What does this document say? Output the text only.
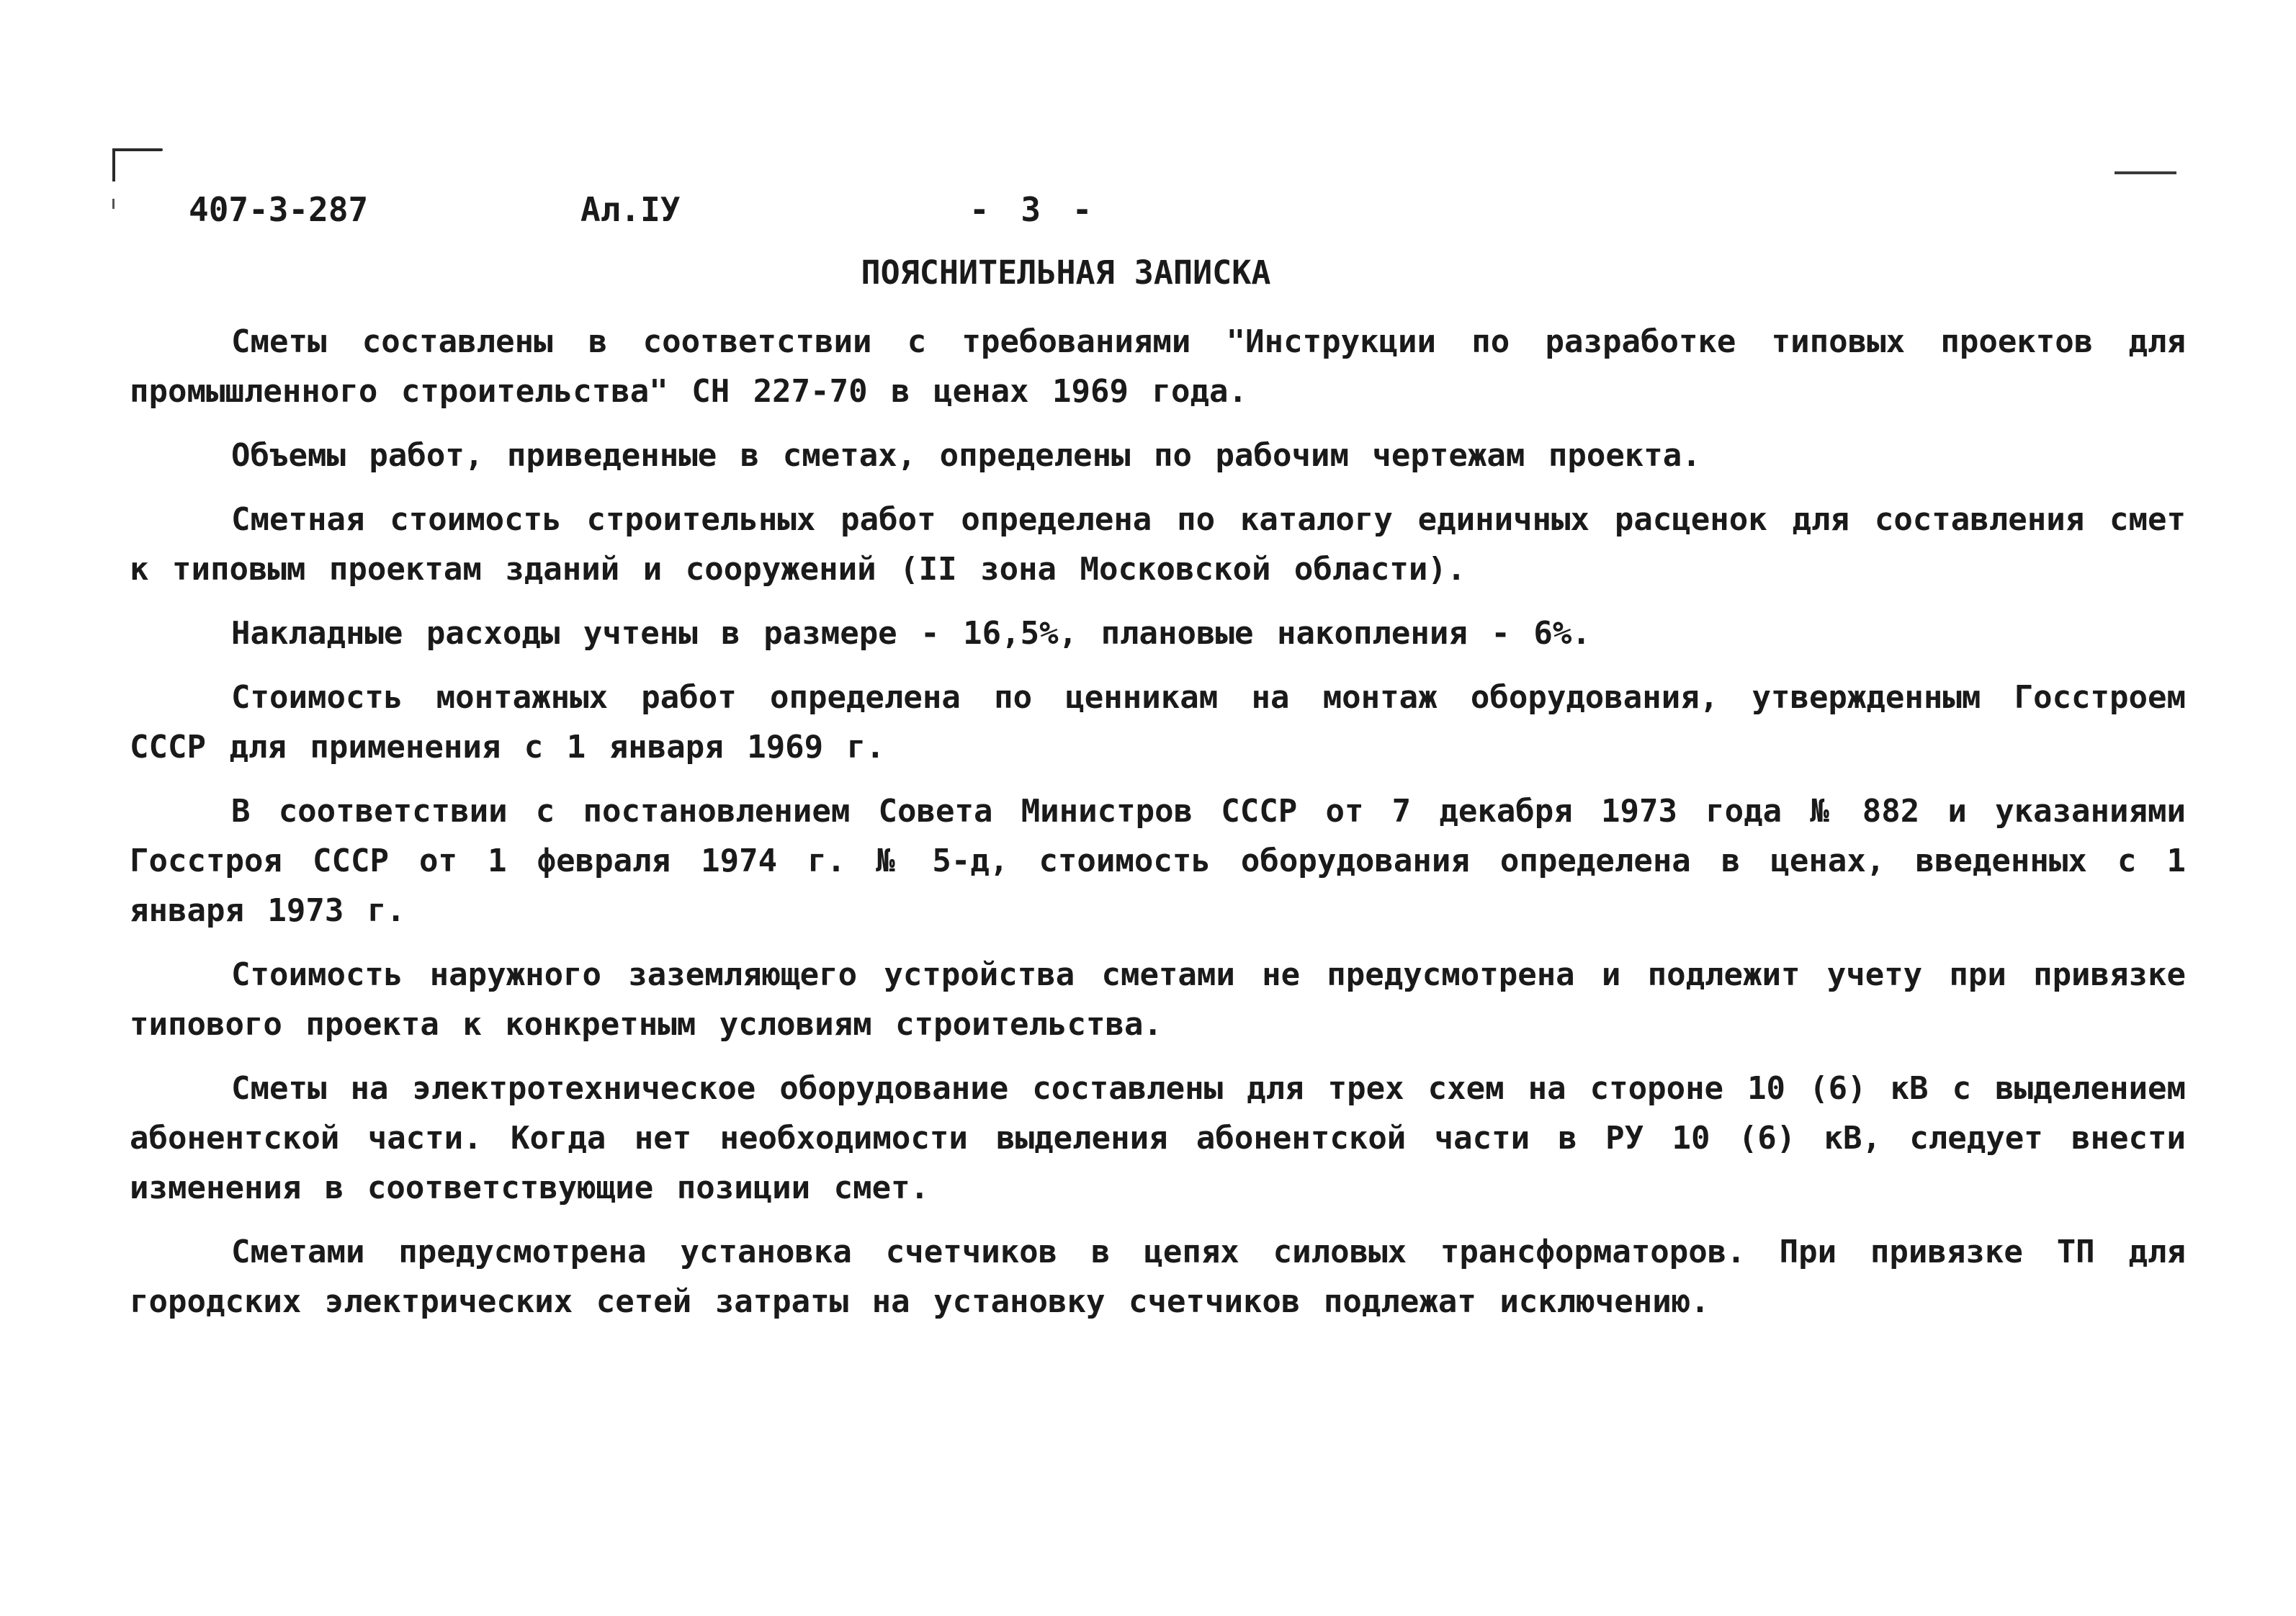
407-3-287	Ал.IУ	- 3 -
ПОЯСНИТЕЛЬНАЯ ЗАПИСКА

Сметы составлены в соответствии с требованиями "Инструкции по разработке типовых проектов для промышленного строительства" СН 227-70 в ценах 1969 года.

Объемы работ, приведенные в сметах, определены по рабочим чертежам проекта.

Сметная стоимость строительных работ определена по каталогу единичных расценок для составления смет к типовым проектам зданий и сооружений (II зона Московской области).

Накладные расходы учтены в размере - 16,5%, плановые накопления - 6%.

Стоимость монтажных работ определена по ценникам на монтаж оборудования, утвержденным Госстроем СССР для применения с 1 января 1969 г.

В соответствии с постановлением Совета Министров СССР от 7 декабря 1973 года № 882 и указаниями Госстроя СССР от 1 февраля 1974 г. № 5-д, стоимость оборудования определена в ценах, введенных с 1 января 1973 г.

Стоимость наружного заземляющего устройства сметами не предусмотрена и подлежит учету при привязке типового проекта к конкретным условиям строительства.

Сметы на электротехническое оборудование составлены для трех схем на стороне 10 (6) кВ с выделением абонентской части. Когда нет необходимости выделения абонентской части в РУ 10 (6) кВ, следует внести изменения в соответствующие позиции смет.

Сметами предусмотрена установка счетчиков в цепях силовых трансформаторов. При привязке ТП для городских электрических сетей затраты на установку счетчиков подлежат исключению.
